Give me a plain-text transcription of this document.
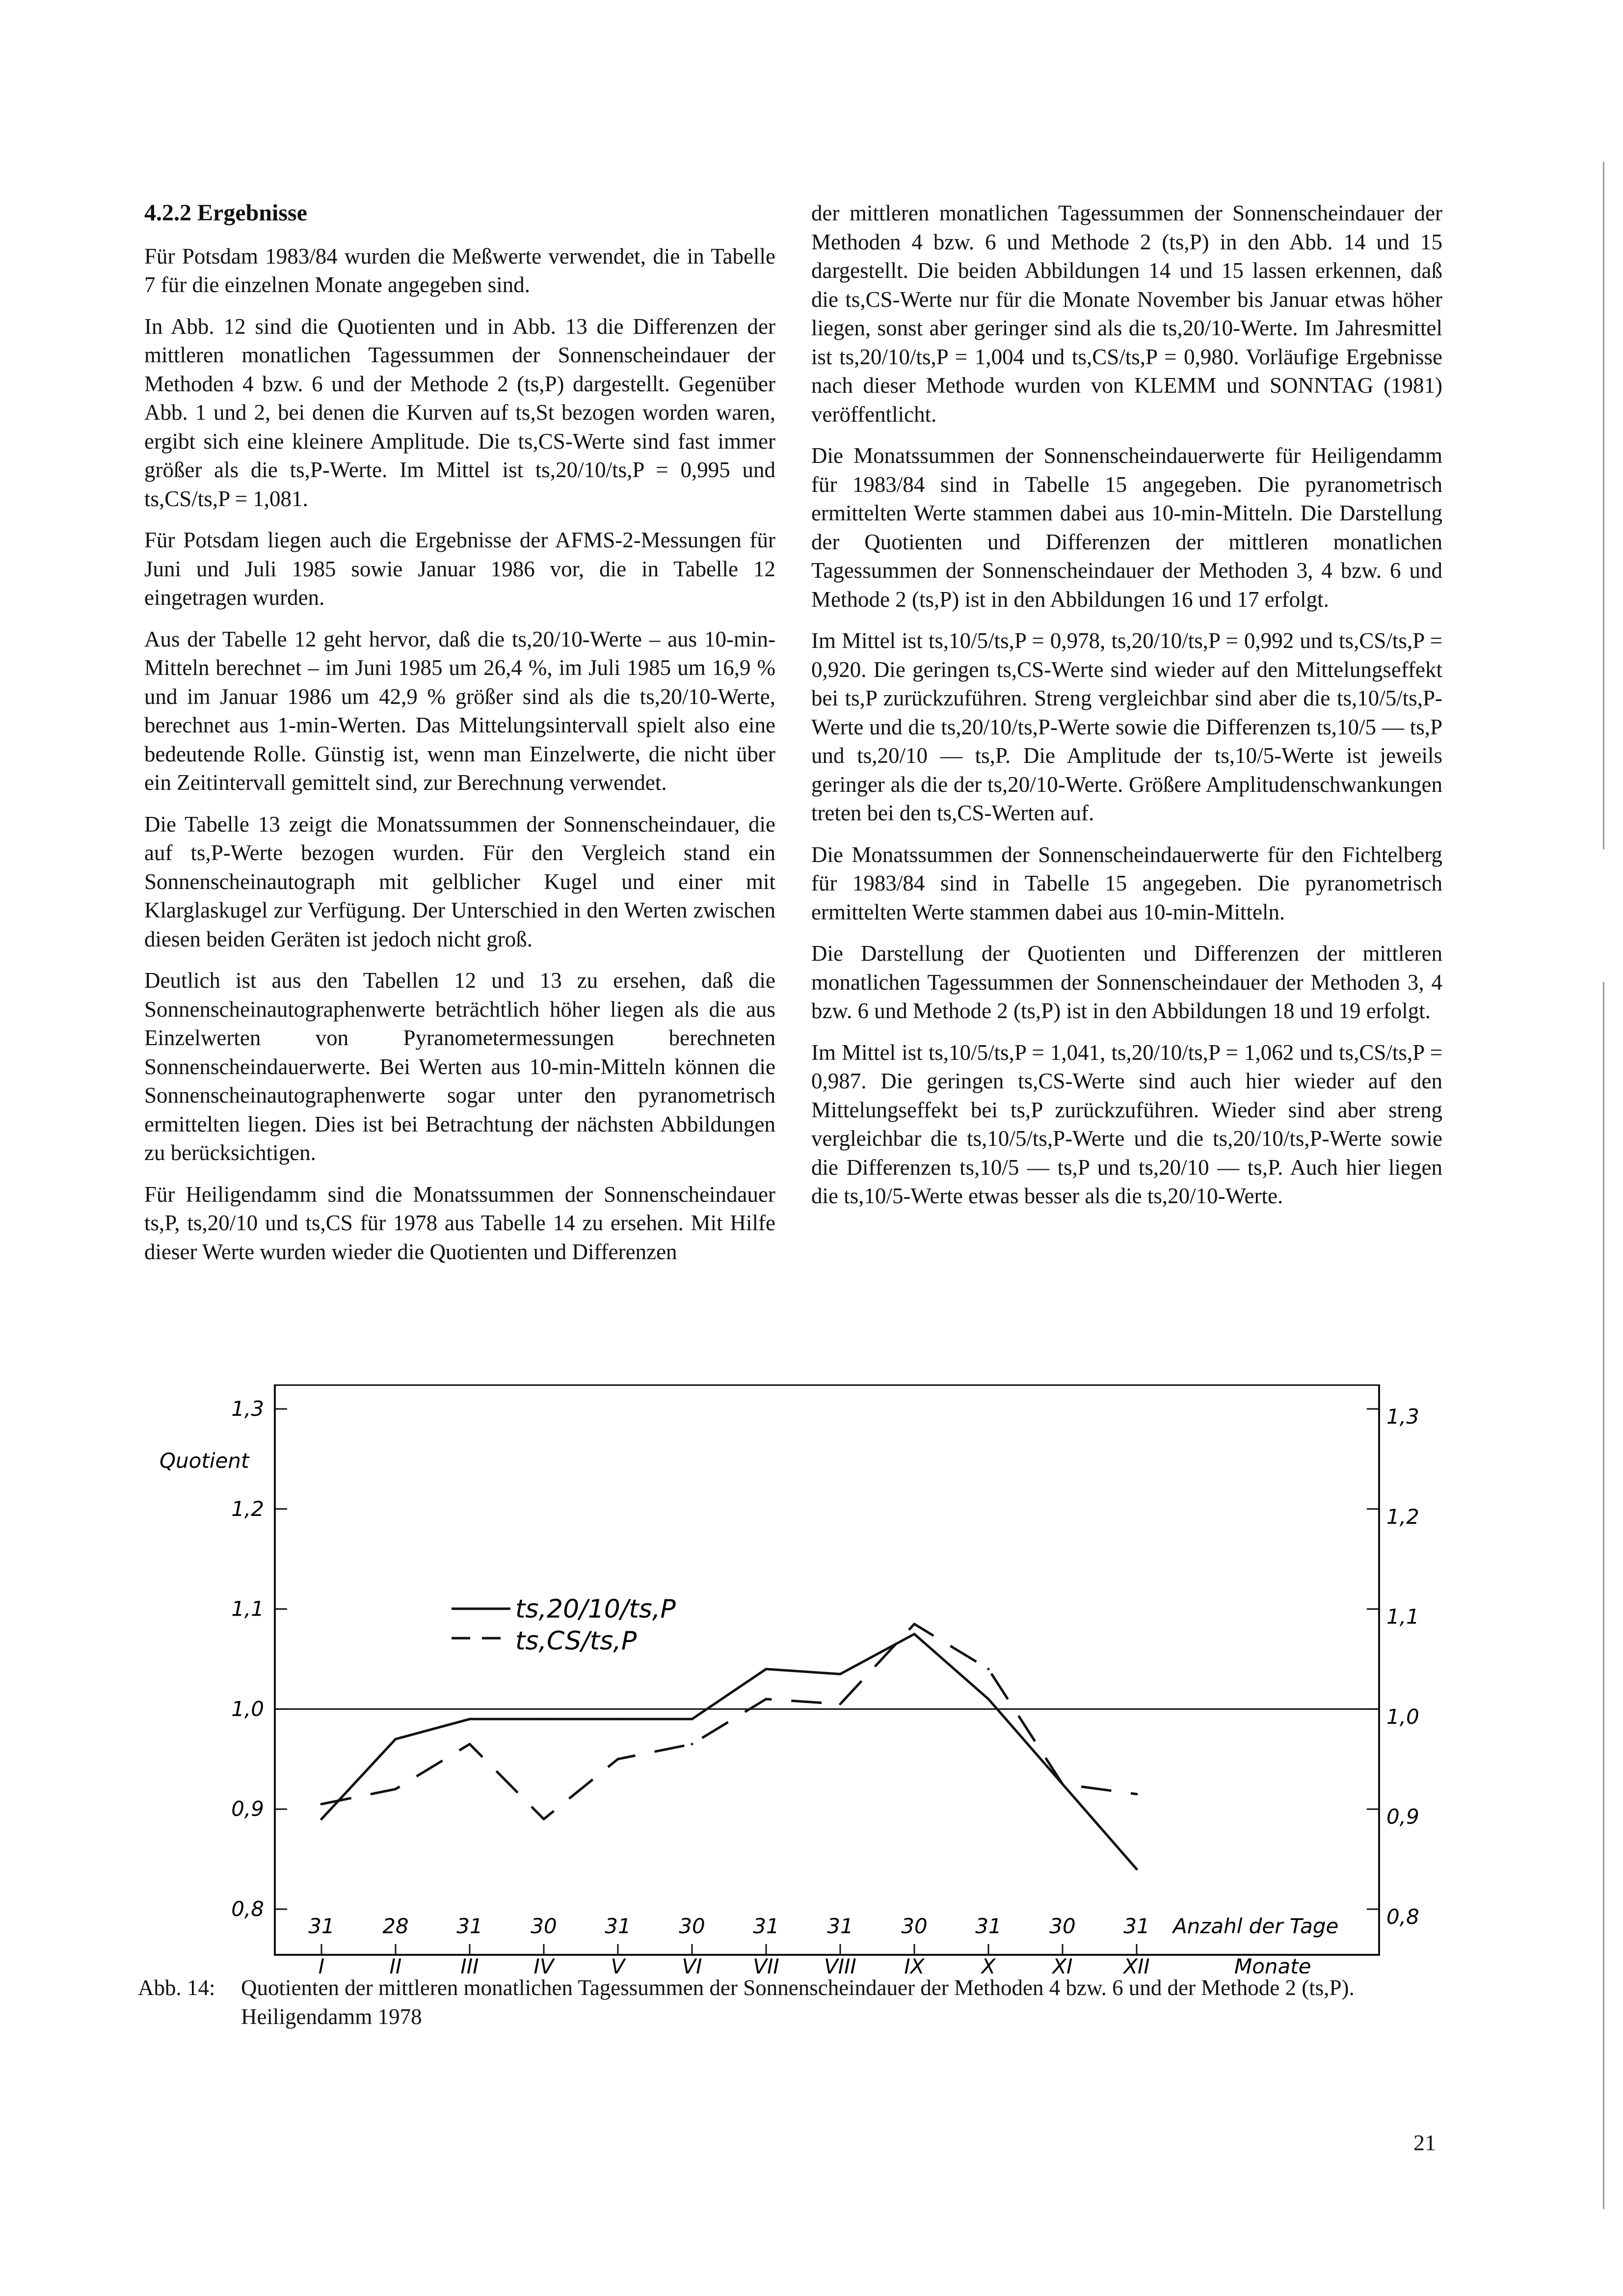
4.2.2 Ergebnisse

Für Potsdam 1983/84 wurden die Meßwerte verwendet, die in Tabelle 7 für die einzelnen Monate angegeben sind.

In Abb. 12 sind die Quotienten und in Abb. 13 die Differenzen der mittleren monatlichen Tagessummen der Sonnenscheindauer der Methoden 4 bzw. 6 und der Methode 2 (ts,P) dargestellt. Gegenüber Abb. 1 und 2, bei denen die Kurven auf ts,St bezogen worden waren, ergibt sich eine kleinere Amplitude. Die ts,CS-Werte sind fast immer größer als die ts,P-Werte. Im Mittel ist ts,20/10/ts,P = 0,995 und ts,CS/ts,P = 1,081.

Für Potsdam liegen auch die Ergebnisse der AFMS-2-Messungen für Juni und Juli 1985 sowie Januar 1986 vor, die in Tabelle 12 eingetragen wurden.

Aus der Tabelle 12 geht hervor, daß die ts,20/10-Werte – aus 10-min-Mitteln berechnet – im Juni 1985 um 26,4 %, im Juli 1985 um 16,9 % und im Januar 1986 um 42,9 % größer sind als die ts,20/10-Werte, berechnet aus 1-min-Werten. Das Mittelungsintervall spielt also eine bedeutende Rolle. Günstig ist, wenn man Einzelwerte, die nicht über ein Zeitintervall gemittelt sind, zur Berechnung verwendet.

Die Tabelle 13 zeigt die Monatssummen der Sonnenscheindauer, die auf ts,P-Werte bezogen wurden. Für den Vergleich stand ein Sonnenscheinautograph mit gelblicher Kugel und einer mit Klarglaskugel zur Verfügung. Der Unterschied in den Werten zwischen diesen beiden Geräten ist jedoch nicht groß.

Deutlich ist aus den Tabellen 12 und 13 zu ersehen, daß die Sonnenscheinautographenwerte beträchtlich höher liegen als die aus Einzelwerten von Pyranometermessungen berechneten Sonnenscheindauerwerte. Bei Werten aus 10-min-Mitteln können die Sonnenscheinautographenwerte sogar unter den pyranometrisch ermittelten liegen. Dies ist bei Betrachtung der nächsten Abbildungen zu berücksichtigen.

Für Heiligendamm sind die Monatssummen der Sonnenscheindauer ts,P, ts,20/10 und ts,CS für 1978 aus Tabelle 14 zu ersehen. Mit Hilfe dieser Werte wurden wieder die Quotienten und Differenzen

der mittleren monatlichen Tagessummen der Sonnenscheindauer der Methoden 4 bzw. 6 und Methode 2 (ts,P) in den Abb. 14 und 15 dargestellt. Die beiden Abbildungen 14 und 15 lassen erkennen, daß die ts,CS-Werte nur für die Monate November bis Januar etwas höher liegen, sonst aber geringer sind als die ts,20/10-Werte. Im Jahresmittel ist ts,20/10/ts,P = 1,004 und ts,CS/ts,P = 0,980. Vorläufige Ergebnisse nach dieser Methode wurden von KLEMM und SONNTAG (1981) veröffentlicht.

Die Monatssummen der Sonnenscheindauerwerte für Heiligendamm für 1983/84 sind in Tabelle 15 angegeben. Die pyranometrisch ermittelten Werte stammen dabei aus 10-min-Mitteln. Die Darstellung der Quotienten und Differenzen der mittleren monatlichen Tagessummen der Sonnenscheindauer der Methoden 3, 4 bzw. 6 und Methode 2 (ts,P) ist in den Abbildungen 16 und 17 erfolgt.

Im Mittel ist ts,10/5/ts,P = 0,978, ts,20/10/ts,P = 0,992 und ts,CS/ts,P = 0,920. Die geringen ts,CS-Werte sind wieder auf den Mittelungseffekt bei ts,P zurückzuführen. Streng vergleichbar sind aber die ts,10/5/ts,P-Werte und die ts,20/10/ts,P-Werte sowie die Differenzen ts,10/5 — ts,P und ts,20/10 — ts,P. Die Amplitude der ts,10/5-Werte ist jeweils geringer als die der ts,20/10-Werte. Größere Amplitudenschwankungen treten bei den ts,CS-Werten auf.

Die Monatssummen der Sonnenscheindauerwerte für den Fichtelberg für 1983/84 sind in Tabelle 15 angegeben. Die pyranometrisch ermittelten Werte stammen dabei aus 10-min-Mitteln.

Die Darstellung der Quotienten und Differenzen der mittleren monatlichen Tagessummen der Sonnenscheindauer der Methoden 3, 4 bzw. 6 und Methode 2 (ts,P) ist in den Abbildungen 18 und 19 erfolgt.

Im Mittel ist ts,10/5/ts,P = 1,041, ts,20/10/ts,P = 1,062 und ts,CS/ts,P = 0,987. Die geringen ts,CS-Werte sind auch hier wieder auf den Mittelungseffekt bei ts,P zurückzuführen. Wieder sind aber streng vergleichbar die ts,10/5/ts,P-Werte und die ts,20/10/ts,P-Werte sowie die Differenzen ts,10/5 — ts,P und ts,20/10 — ts,P. Auch hier liegen die ts,10/5-Werte etwas besser als die ts,20/10-Werte.

0,8
0,9
1,0
1,1
1,2
1,3
0,8
0,9
1,0
1,1
1,2
1,3
31
I
28
II
31
III
30
IV
31
V
30
VI
31
VII
31
VIII
30
IX
31
X
30
XI
31
XII
ts,20/10/ts,P
ts,CS/ts,P
Quotient
Anzahl der Tage
Monate
Abb. 14:	Quotienten der mittleren monatlichen Tagessummen der Sonnenscheindauer der Methoden 4 bzw. 6 und der Methode 2 (ts,P). Heiligendamm 1978
21
